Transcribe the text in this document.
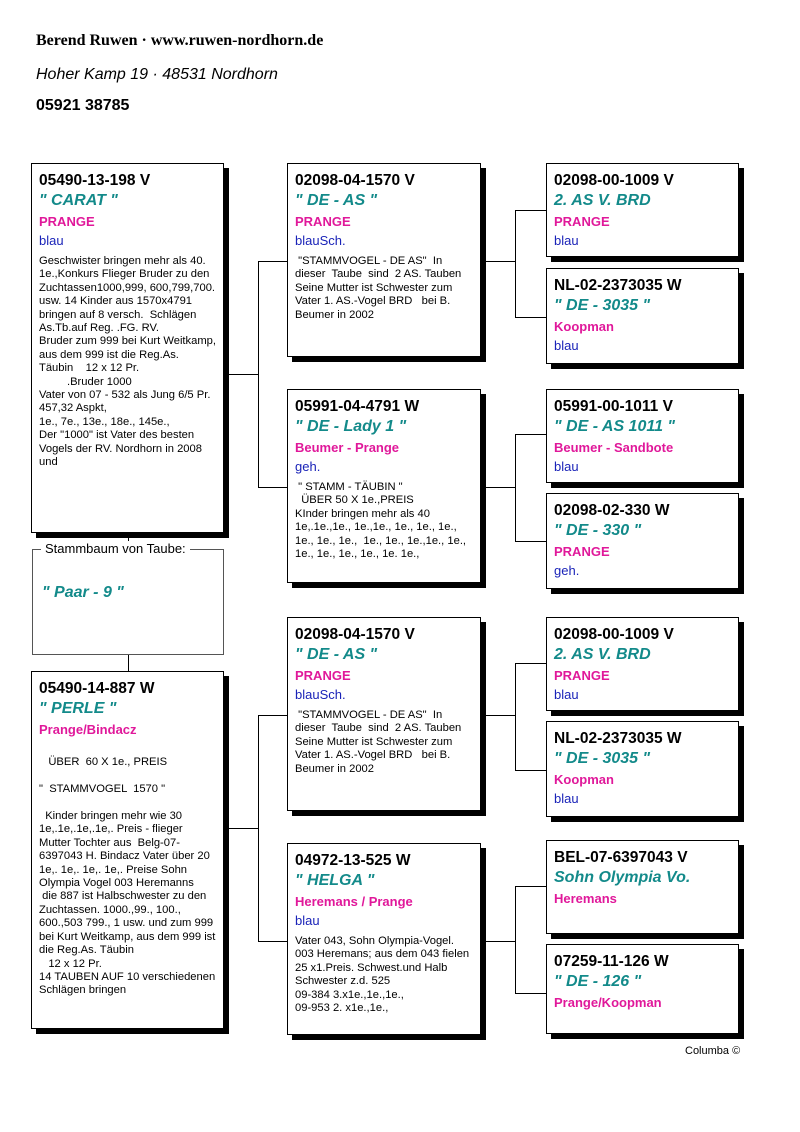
Berend Ruwen · www.ruwen-nordhorn.de
Hoher Kamp 19 · 48531 Nordhorn
05921 38785
05490-13-198 V
" CARAT "
PRANGE
blau
Geschwister bringen mehr als 40.  1e.,Konkurs Flieger Bruder zu den Zuchtassen1000,999, 600,799,700. usw. 14 Kinder aus 1570x4791  bringen auf 8 versch.  Schlägen  As.Tb.auf Reg. .FG. RV.
Bruder zum 999 bei Kurt Weitkamp, aus dem 999 ist die Reg.As. Täubin    12 x 12 Pr.
.Bruder 1000
Vater von 07 - 532 als Jung 6/5 Pr. 457,32 Aspkt,
1e., 7e., 13e., 18e., 145e.,
Der "1000" ist Vater des besten Vogels der RV. Nordhorn in 2008 und
Stammbaum von Taube:
" Paar - 9 "
05490-14-887 W
" PERLE "
Prange/Bindacz

ÜBER  60 X 1e., PREIS

"  STAMMVOGEL  1570 "

Kinder bringen mehr wie 30 1e,.1e,.1e,.1e,. Preis - flieger Mutter Tochter aus  Belg-07-6397043 H. Bindacz Vater über 20  1e,. 1e,. 1e,. 1e,. Preise Sohn Olympia Vogel 003 Heremanns
die 887 ist Halbschwester zu den Zuchtassen. 1000.,99., 100., 600.,503 799., 1 usw. und zum 999 bei Kurt Weitkamp, aus dem 999 ist die Reg.As. Täubin
12 x 12 Pr.
14 TAUBEN AUF 10 verschiedenen Schlägen bringen
02098-04-1570 V
" DE - AS "
PRANGE
blauSch.
"STAMMVOGEL - DE AS"  In dieser  Taube  sind  2 AS. Tauben Seine Mutter ist Schwester zum Vater 1. AS.-Vogel BRD   bei B. Beumer in 2002
05991-04-4791 W
" DE - Lady 1 "
Beumer - Prange
geh.
" STAMM - TÄUBIN "
ÜBER 50 X 1e.,PREIS
KInder bringen mehr als 40 1e,.1e.,1e., 1e.,1e., 1e., 1e., 1e., 1e., 1e., 1e.,  1e., 1e., 1e.,1e., 1e., 1e., 1e., 1e., 1e., 1e. 1e.,
02098-04-1570 V
" DE - AS "
PRANGE
blauSch.
"STAMMVOGEL - DE AS"  In dieser  Taube  sind  2 AS. Tauben Seine Mutter ist Schwester zum Vater 1. AS.-Vogel BRD   bei B. Beumer in 2002
04972-13-525 W
" HELGA "
Heremans / Prange
blau
Vater 043, Sohn Olympia-Vogel. 003 Heremans; aus dem 043 fielen 25 x1.Preis. Schwest.und Halb Schwester z.d. 525
09-384 3.x1e.,1e.,1e.,
09-953 2. x1e.,1e.,
02098-00-1009 V
2. AS V. BRD
PRANGE
blau
NL-02-2373035 W
" DE - 3035 "
Koopman
blau
05991-00-1011 V
" DE - AS 1011 "
Beumer - Sandbote
blau
02098-02-330 W
" DE - 330 "
PRANGE
geh.
02098-00-1009 V
2. AS V. BRD
PRANGE
blau
NL-02-2373035 W
" DE - 3035 "
Koopman
blau
BEL-07-6397043 V
Sohn Olympia Vo.
Heremans
07259-11-126 W
" DE - 126 "
Prange/Koopman
Columba ©
